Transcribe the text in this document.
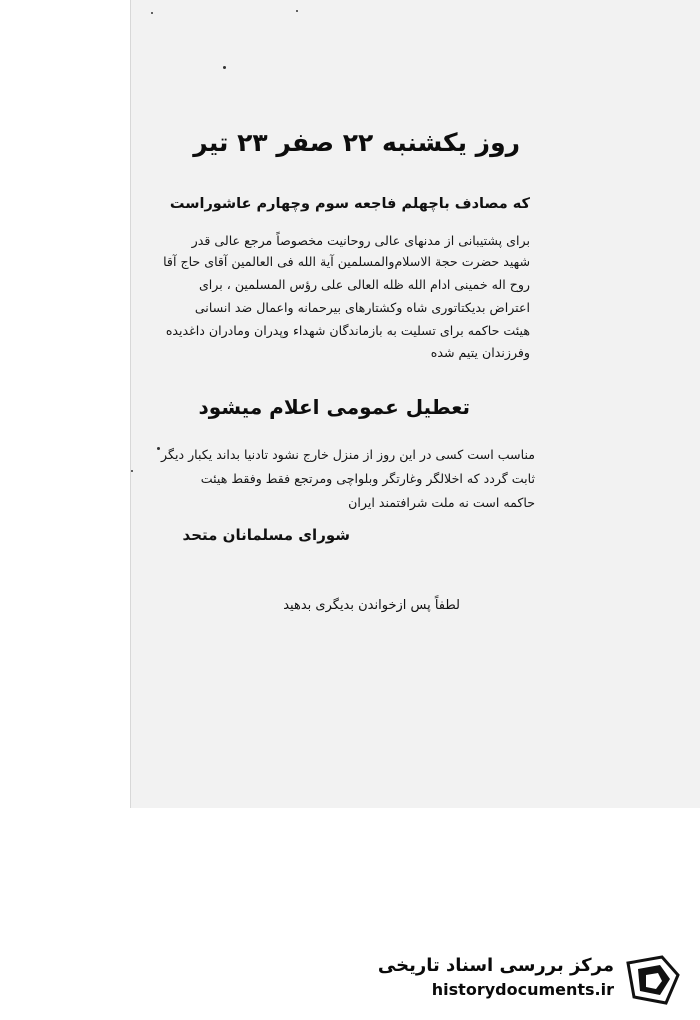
روز یکشنبه ۲۲ صفر ۲۳ تیر
که مصادف باچهلم فاجعه سوم وچهارم عاشوراست
برای پشتیبانی از مدنهای عالی روحانیت مخصوصاً مرجع عالی قدر
شهید حضرت حجة الاسلام‌والمسلمین آیة الله فی العالمین آقای حاج آقا
روح اله خمینی ادام الله ظله العالی علی رؤس المسلمین ، برای
اعتراض بدیکتاتوری شاه وکشتارهای بیرحمانه واعمال ضد انسانی
هیئت حاکمه برای تسلیت به بازماندگان شهداء وپدران ومادران داغدیده
وفرزندان یتیم شده
تعطیل عمومی اعلام میشود
مناسب است کسی در این روز از منزل خارج نشود تادنیا بداند یکبار دیگر
ثابت گردد که اخلالگر وغارتگر وبلواچی ومرتجع فقط وفقط هیئت
حاکمه است نه ملت شرافتمند ایران
شورای مسلمانان متحد
لطفاً پس ازخواندن بدیگری بدهید
مرکز بررسی اسناد تاریخی
historydocuments.ir
